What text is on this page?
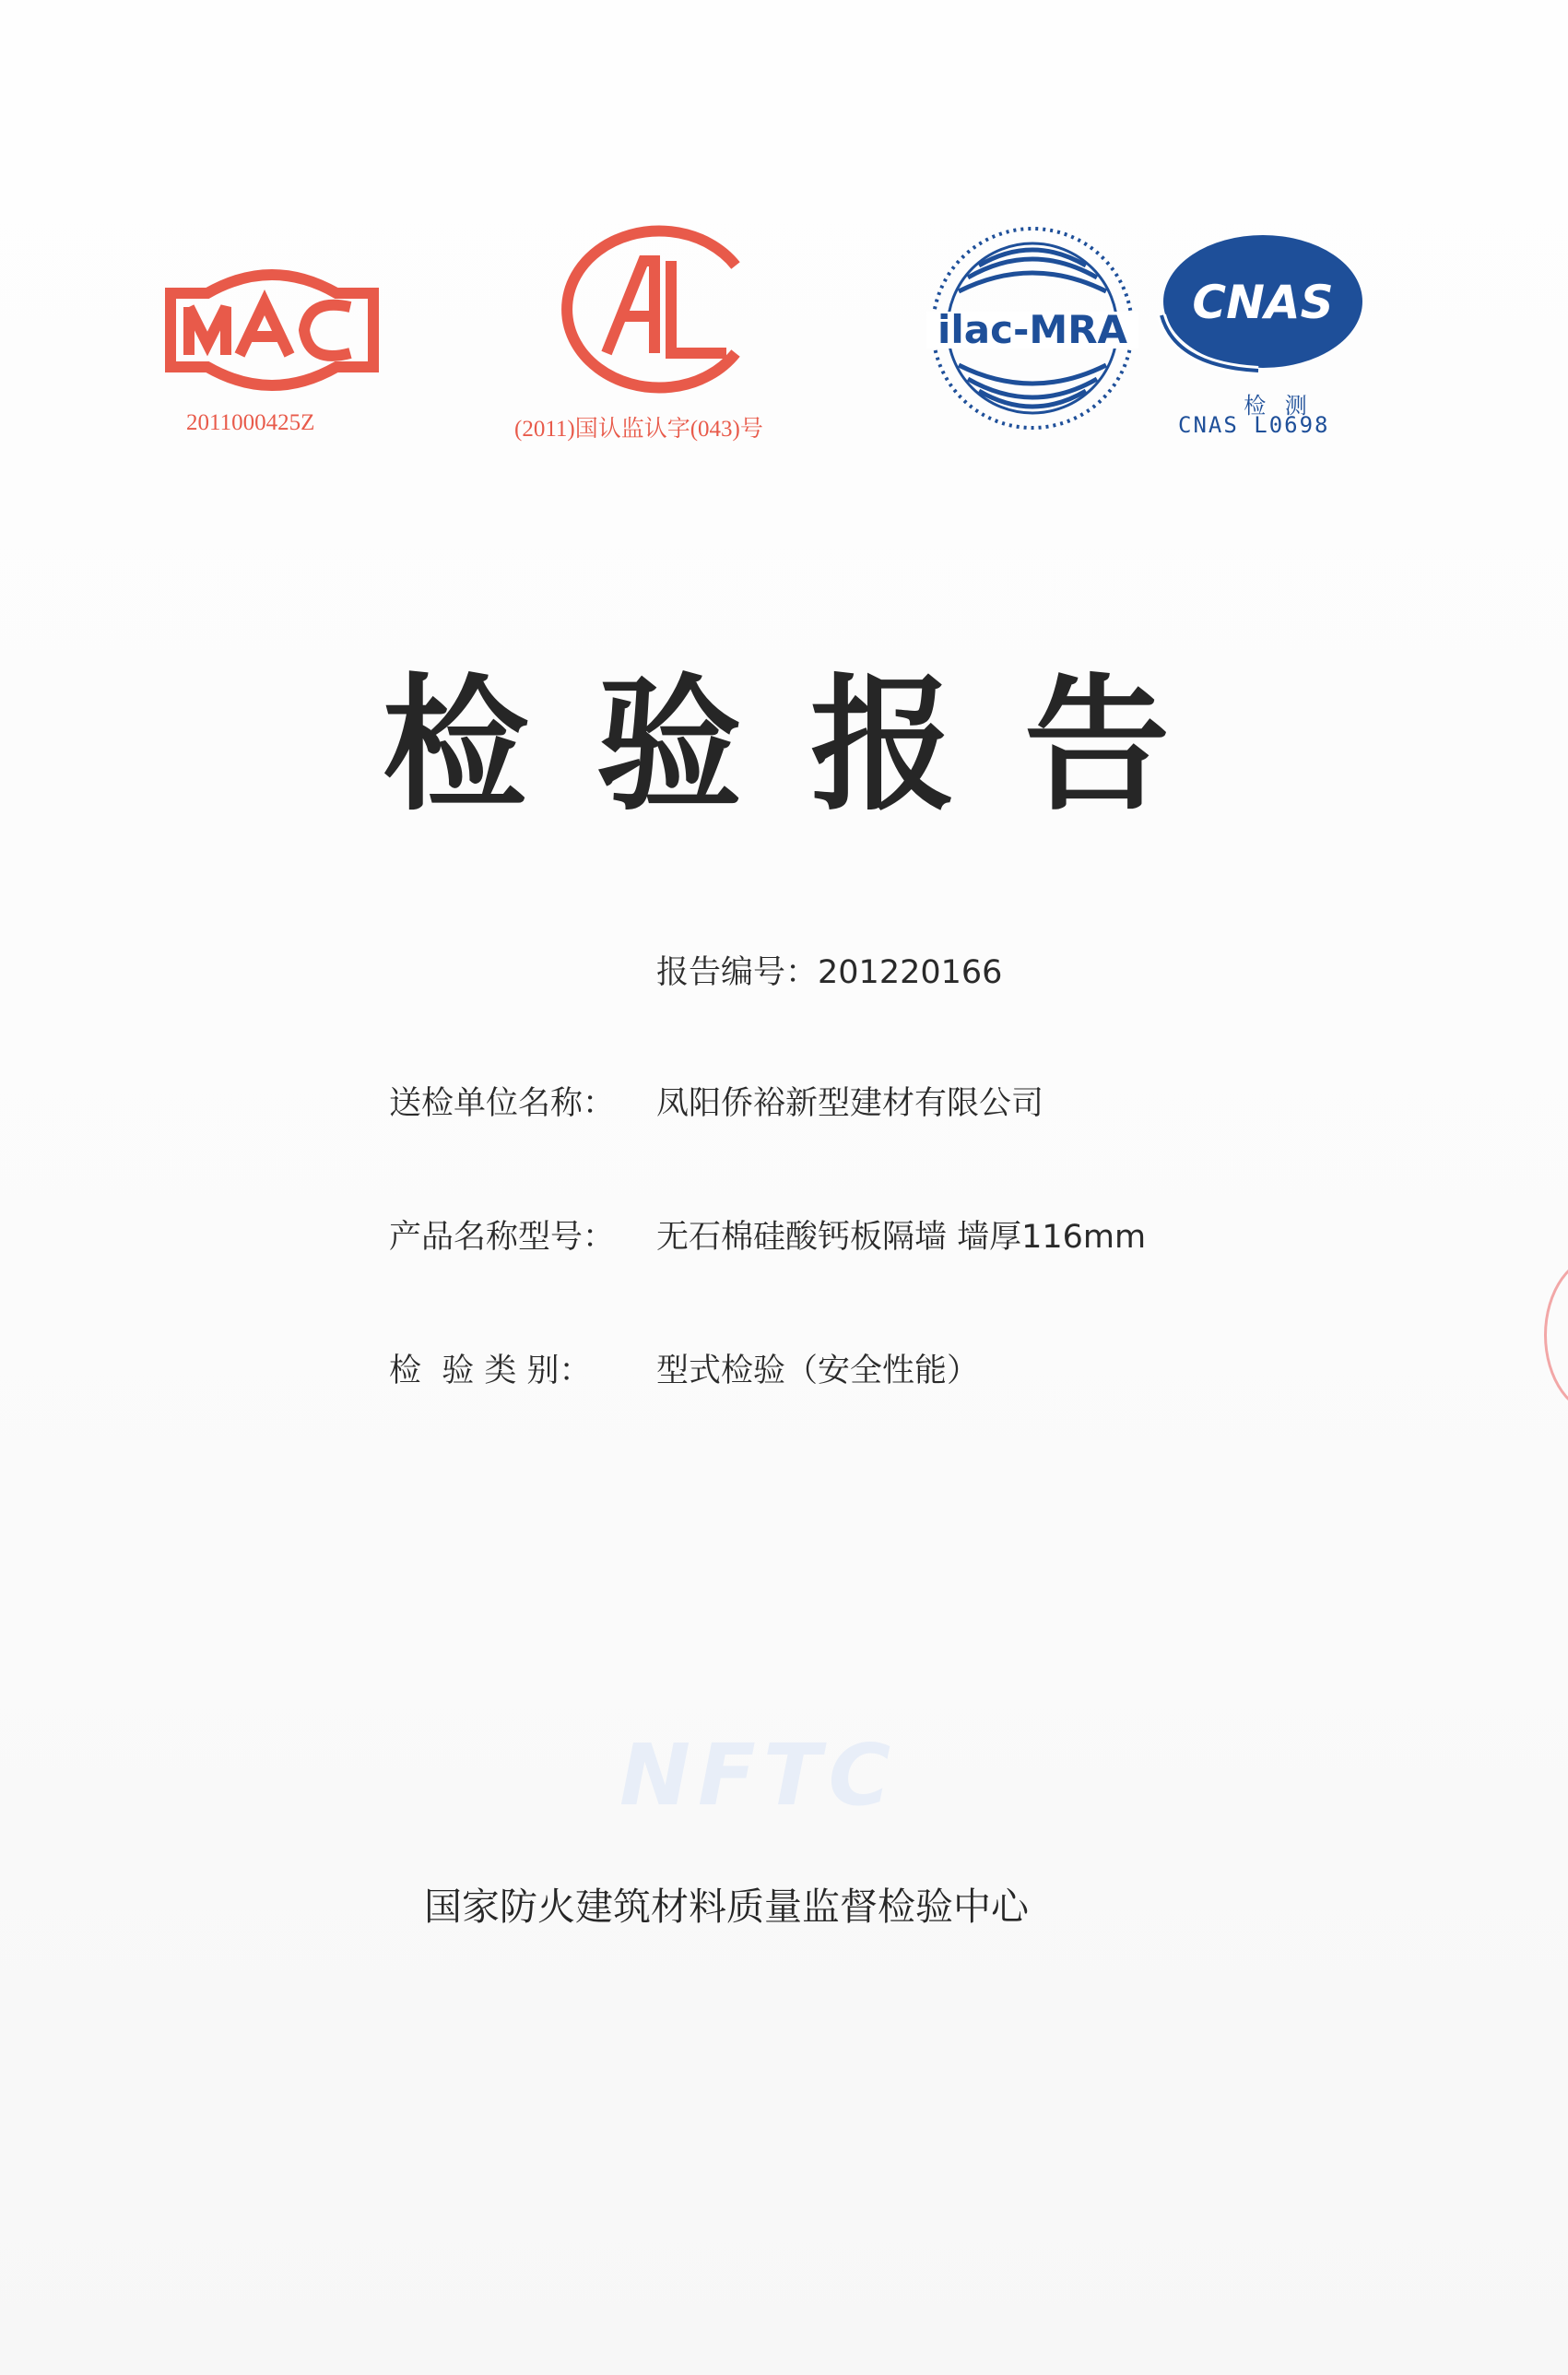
2011000425Z	(2011)国认监认字(043)号
ilac-MRA
CNAS
检 测
CNAS L0698
检验报告
报告编号：201220166
送检单位名称： 凤阳侨裕新型建材有限公司
产品名称型号： 无石棉硅酸钙板隔墙 墙厚116mm
检  验 类 别： 型式检验（安全性能）
NFTC
国家防火建筑材料质量监督检验中心
